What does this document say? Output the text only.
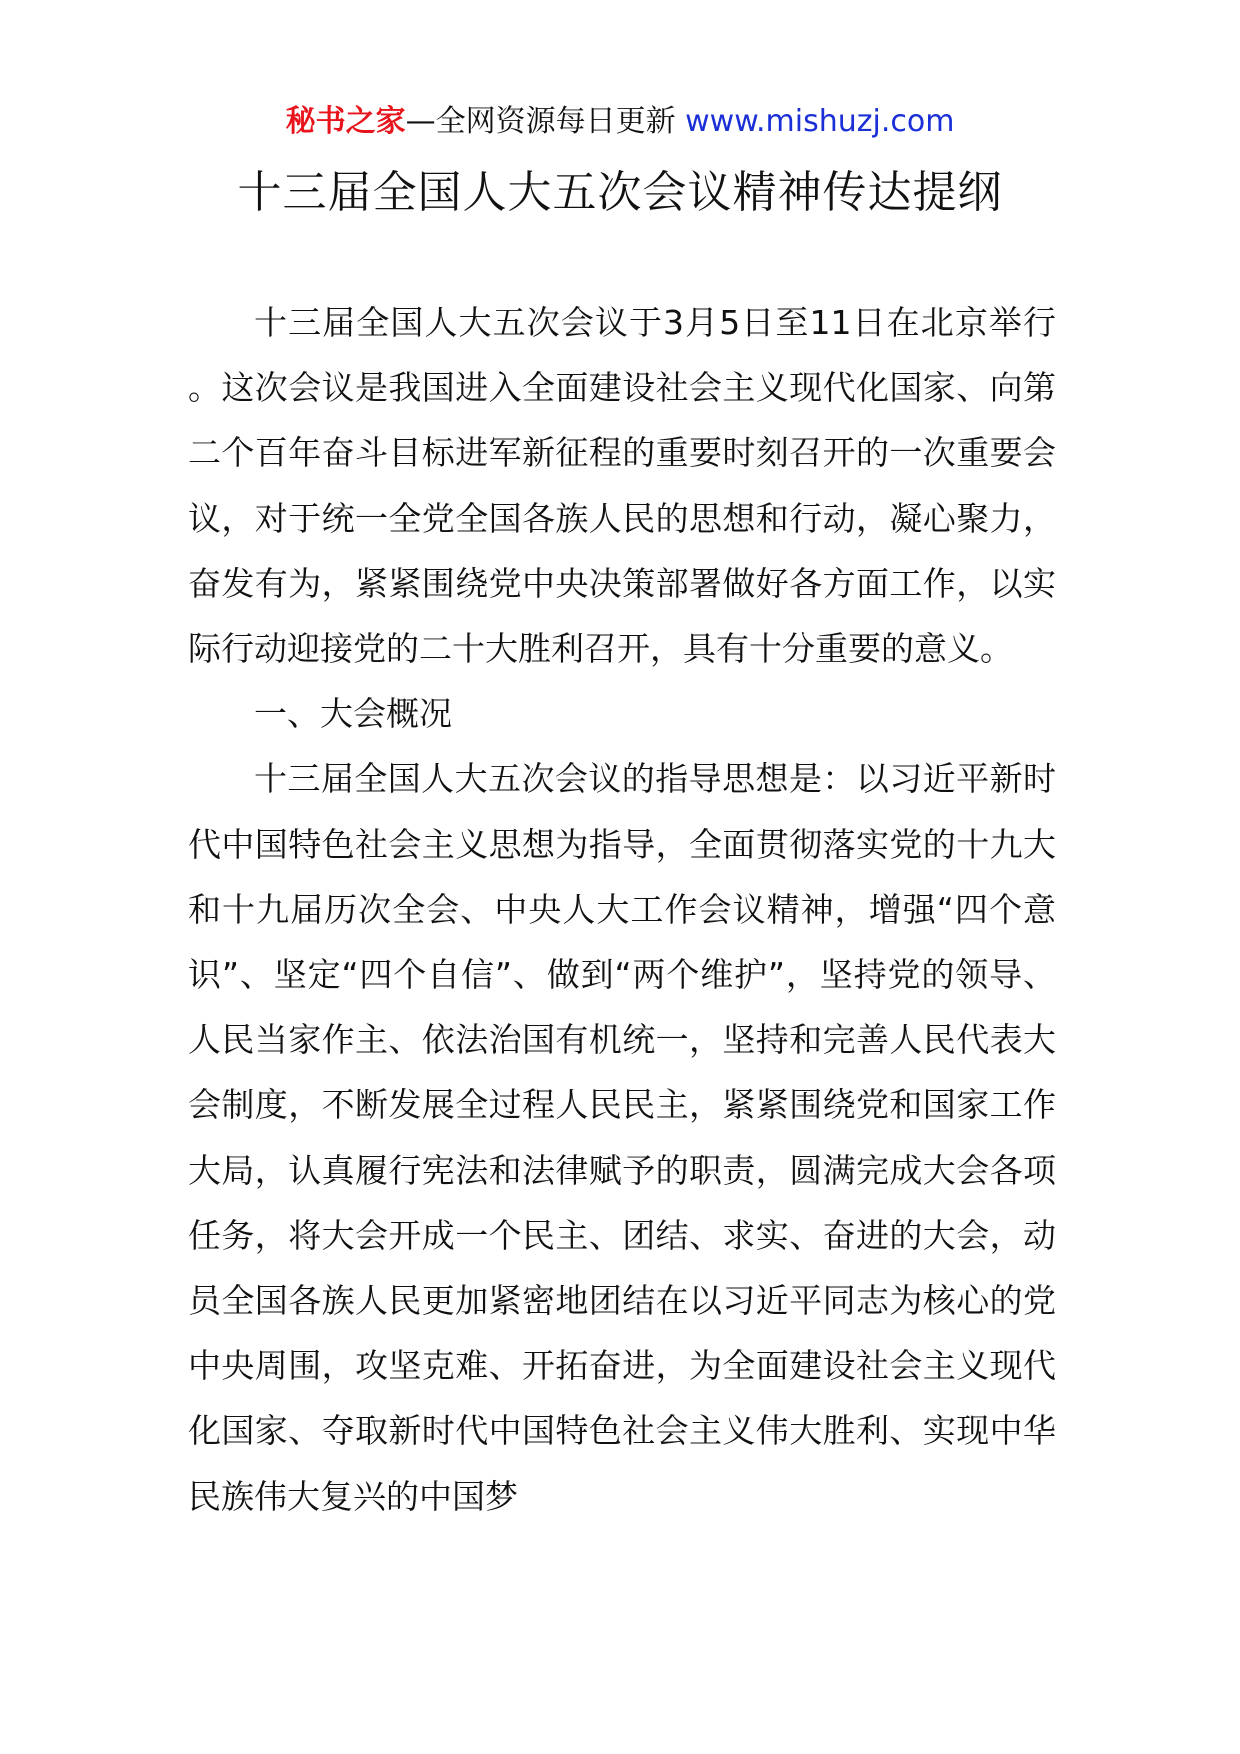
秘书之家—全网资源每日更新 www.mishuzj.com
十三届全国人大五次会议精神传达提纲

十三届全国人大五次会议于3月5日至11日在北京举行。这次会议是我国进入全面建设社会主义现代化国家、向第二个百年奋斗目标进军新征程的重要时刻召开的一次重要会议，对于统一全党全国各族人民的思想和行动，凝心聚力，奋发有为，紧紧围绕党中央决策部署做好各方面工作，以实际行动迎接党的二十大胜利召开，具有十分重要的意义。

一、大会概况

十三届全国人大五次会议的指导思想是：以习近平新时代中国特色社会主义思想为指导，全面贯彻落实党的十九大和十九届历次全会、中央人大工作会议精神，增强“四个意识”、坚定“四个自信”、做到“两个维护”，坚持党的领导、人民当家作主、依法治国有机统一，坚持和完善人民代表大会制度，不断发展全过程人民民主，紧紧围绕党和国家工作大局，认真履行宪法和法律赋予的职责，圆满完成大会各项任务，将大会开成一个民主、团结、求实、奋进的大会，动员全国各族人民更加紧密地团结在以习近平同志为核心的党中央周围，攻坚克难、开拓奋进，为全面建设社会主义现代化国家、夺取新时代中国特色社会主义伟大胜利、实现中华民族伟大复兴的中国梦
